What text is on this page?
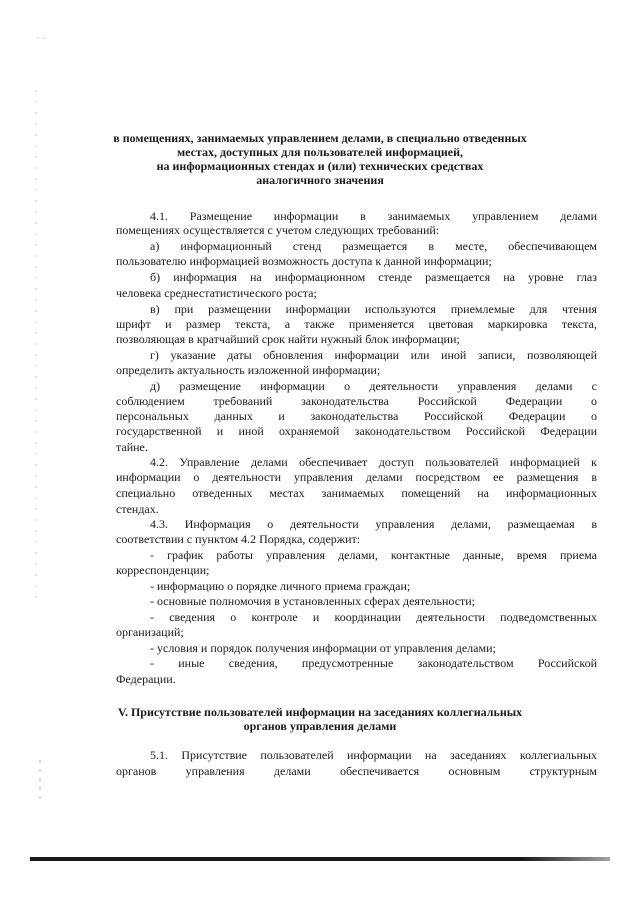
в помещениях, занимаемых управлением делами, в специально отведенных
местах, доступных для пользователей информацией,
на информационных стендах и (или) технических средствах
аналогичного значения
4.1. Размещение информации в занимаемых управлением делами
помещениях осуществляется с учетом следующих требований:
а) информационный стенд размещается в месте, обеспечивающем
пользователю информацией возможность доступа к данной информации;
б) информация на информационном стенде размещается на уровне глаз
человека среднестатистического роста;
в) при размещении информации используются приемлемые для чтения
шрифт и размер текста, а также применяется цветовая маркировка текста,
позволяющая в кратчайший срок найти нужный блок информации;
г) указание даты обновления информации или иной записи, позволяющей
определить актуальность изложенной информации;
д) размещение информации о деятельности управления делами с
соблюдением требований законодательства Российской Федерации о
персональных данных и законодательства Российской Федерации о
государственной и иной охраняемой законодательством Российской Федерации
тайне.
4.2. Управление делами обеспечивает доступ пользователей информацией к
информации о деятельности управления делами посредством ее размещения в
специально отведенных местах занимаемых помещений на информационных
стендах.
4.3. Информация о деятельности управления делами, размещаемая в
соответствии с пунктом 4.2 Порядка, содержит:
- график работы управления делами, контактные данные, время приема
корреспонденции;
- информацию о порядке личного приема граждан;
- основные полномочия в установленных сферах деятельности;
- сведения о контроле и координации деятельности подведомственных
организаций;
- условия и порядок получения информации от управления делами;
- иные сведения, предусмотренные законодательством Российской
Федерации.
V. Присутствие пользователей информации на заседаниях коллегиальных
органов управления делами
5.1. Присутствие пользователей информации на заседаниях коллегиальных
органов управления делами обеспечивается основным структурным
